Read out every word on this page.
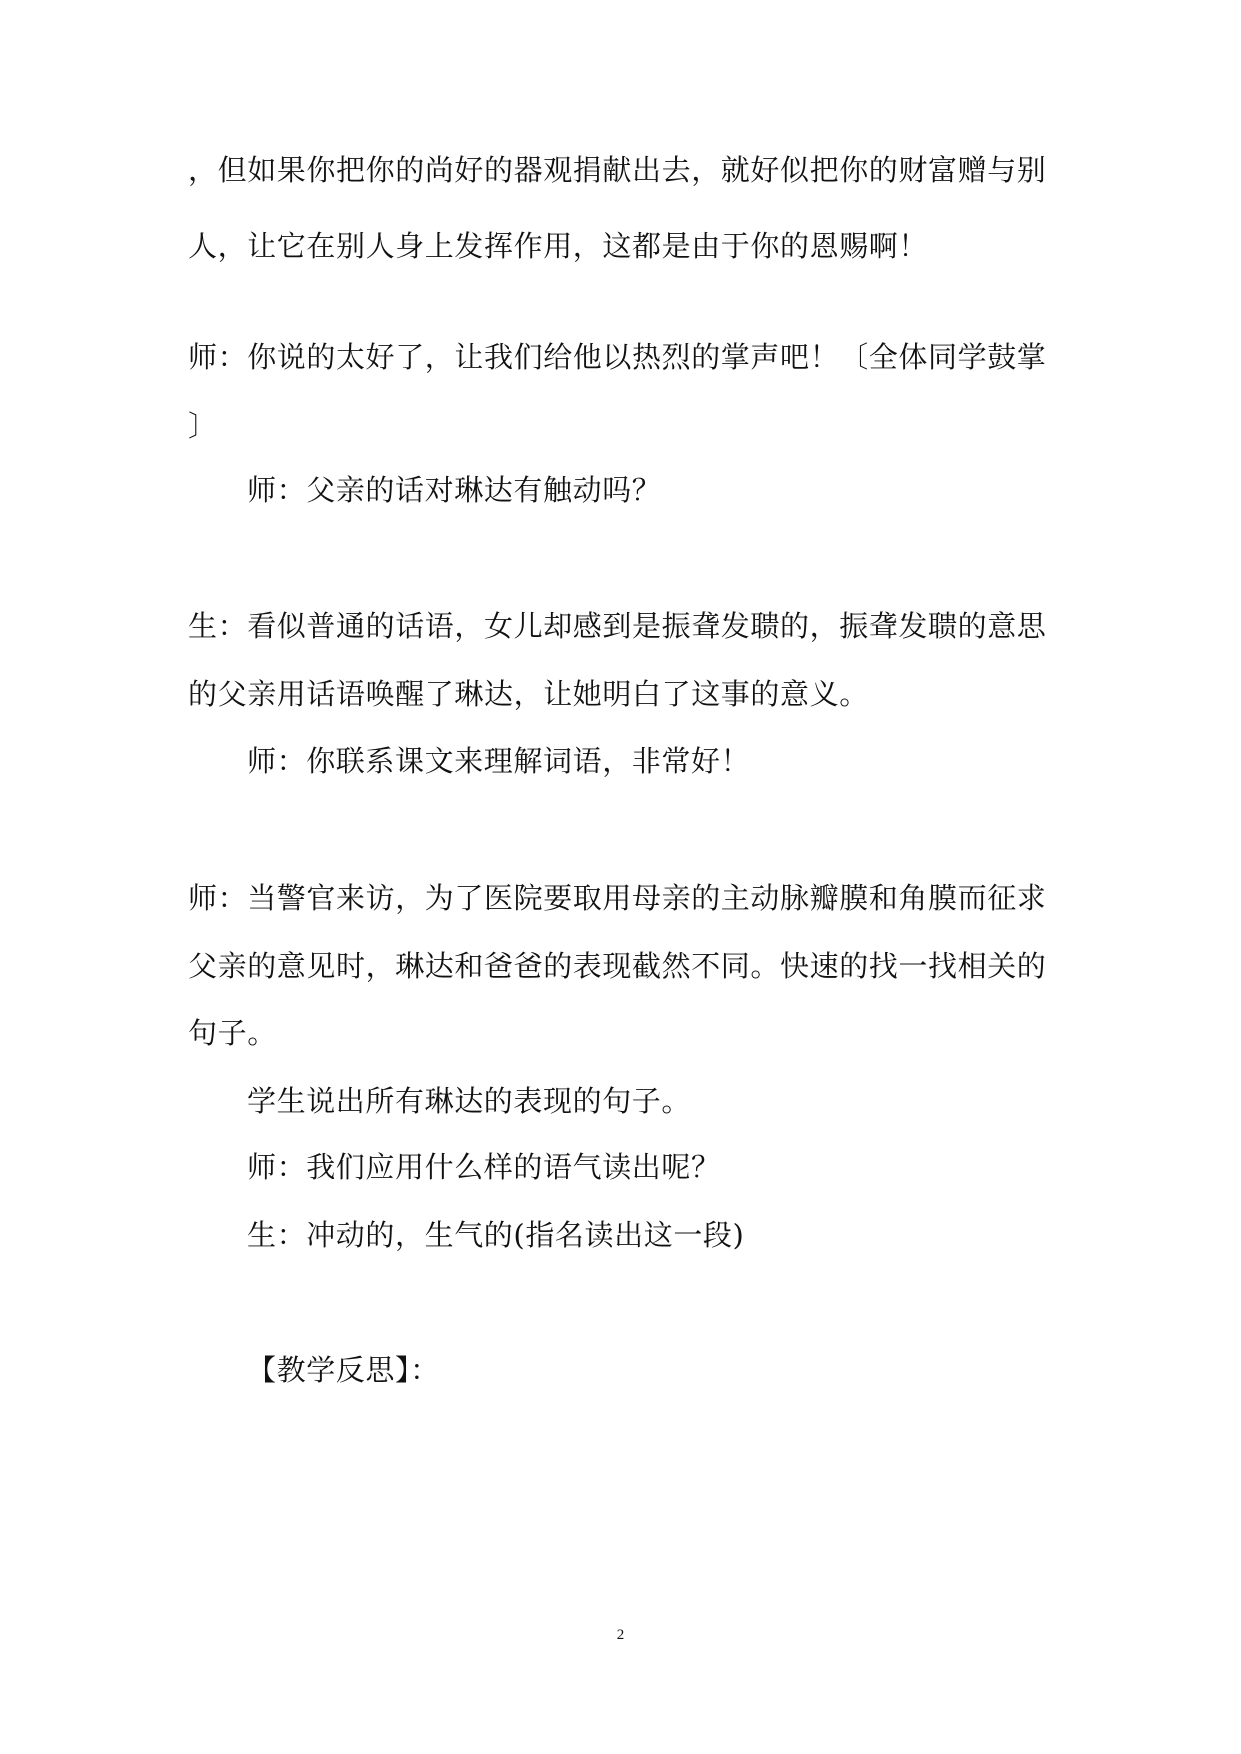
，但如果你把你的尚好的器观捐献出去，就好似把你的财富赠与别
人，让它在别人身上发挥作用，这都是由于你的恩赐啊！
师：你说的太好了，让我们给他以热烈的掌声吧！〔全体同学鼓掌
〕
师：父亲的话对琳达有触动吗？
生：看似普通的话语，女儿却感到是振聋发聩的，振聋发聩的意思
的父亲用话语唤醒了琳达，让她明白了这事的意义。
师：你联系课文来理解词语，非常好！
师：当警官来访，为了医院要取用母亲的主动脉瓣膜和角膜而征求
父亲的意见时，琳达和爸爸的表现截然不同。快速的找一找相关的
句子。
学生说出所有琳达的表现的句子。
师：我们应用什么样的语气读出呢？
生：冲动的，生气的(指名读出这一段)
【教学反思】：
2
